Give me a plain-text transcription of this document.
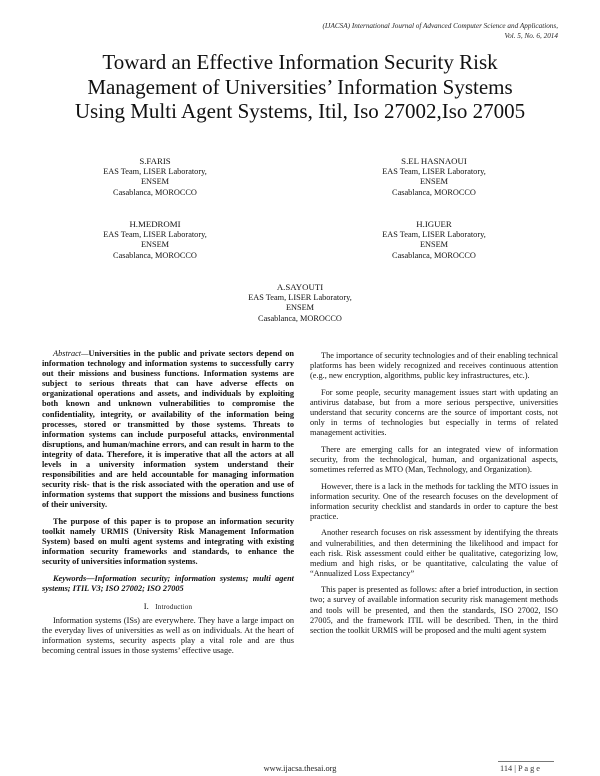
(IJACSA) International Journal of Advanced Computer Science and Applications,
Vol. 5, No. 6, 2014
Toward an Effective Information Security Risk
Management of Universities’ Information Systems
Using Multi Agent Systems, Itil, Iso 27002,Iso 27005
S.FARIS
EAS Team, LISER Laboratory,
ENSEM
Casablanca, MOROCCO
S.EL HASNAOUI
EAS Team, LISER Laboratory,
ENSEM
Casablanca, MOROCCO
H.MEDROMI
EAS Team, LISER Laboratory,
ENSEM
Casablanca, MOROCCO
H.IGUER
EAS Team, LISER Laboratory,
ENSEM
Casablanca, MOROCCO
A.SAYOUTI
EAS Team, LISER Laboratory,
ENSEM
Casablanca, MOROCCO

Abstract—Universities in the public and private sectors depend on information technology and information systems to successfully carry out their missions and business functions. Information systems are subject to serious threats that can have adverse effects on organizational operations and assets, and individuals by exploiting both known and unknown vulnerabilities to compromise the confidentiality, integrity, or availability of the information being processes, stored or transmitted by those systems. Threats to information systems can include purposeful attacks, environmental disruptions, and human/machine errors, and can result in harm to the integrity of data. Therefore, it is imperative that all the actors at all levels in a university information system understand their responsibilities and are held accountable for managing information security risk- that is the risk associated with the operation and use of information systems that support the missions and business functions of their university.

The purpose of this paper is to propose an information security toolkit namely URMIS (University Risk Management Information System) based on multi agent systems and integrating with existing information security frameworks and standards, to enhance the security of universities information systems.

Keywords—Information security; information systems; multi agent systems; ITIL V3; ISO 27002; ISO 27005

I. Introduction

Information systems (ISs) are everywhere. They have a large impact on the everyday lives of universities as well as on individuals. At the heart of information systems, security aspects play a vital role and are thus becoming central issues in those systems’ effective usage.

The importance of security technologies and of their enabling technical platforms has been widely recognized and receives continuous attention (e.g., new encryption, algorithms, public key infrastructures, etc.).

For some people, security management issues start with updating an antivirus database, but from a more serious perspective, universities understand that security concerns are the source of important costs, not only in terms of technologies but especially in terms of related management activities.

There are emerging calls for an integrated view of information security, from the technological, human, and organizational aspects, sometimes referred as MTO (Man, Technology, and Organization).

However, there is a lack in the methods for tackling the MTO issues in information security. One of the research focuses on the development of information security checklist and standards in order to capture the best practice.

Another research focuses on risk assessment by identifying the threats and vulnerabilities, and then determining the likelihood and impact for each risk. Risk assessment could either be qualitative, categorizing low, medium and high risks, or be quantitative, calculating the value of “Annualized Loss Expectancy”

This paper is presented as follows: after a brief introduction, in section two; a survey of available information security risk management methods and tools will be presented, and then the standards, ISO 27002, ISO 27005, and the framework ITIL will be described. Then, in the third section the toolkit URMIS will be proposed and the multi agent system

114 | P a g e
www.ijacsa.thesai.org
